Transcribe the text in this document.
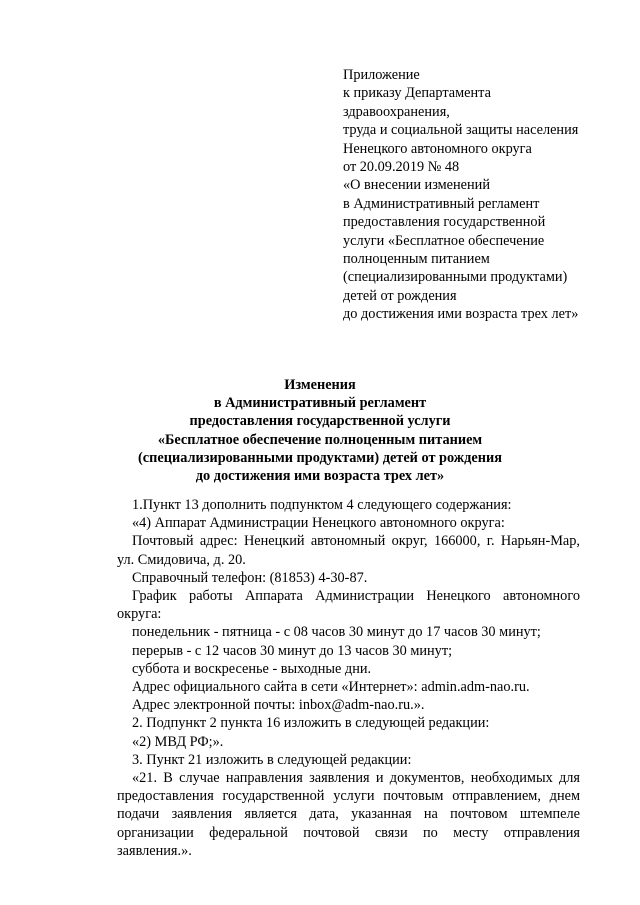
Приложение
к приказу Департамента
здравоохранения,
труда и социальной защиты населения
Ненецкого автономного округа
от 20.09.2019 № 48
«О внесении изменений
в Административный регламент
предоставления государственной
услуги «Бесплатное обеспечение
полноценным питанием
(специализированными продуктами)
детей от рождения
до достижения ими возраста трех лет»
Изменения
в Административный регламент
предоставления государственной услуги
«Бесплатное обеспечение полноценным питанием
(специализированными продуктами) детей от рождения
до достижения ими возраста трех лет»

1.Пункт 13 дополнить подпунктом 4 следующего содержания:

«4) Аппарат Администрации Ненецкого автономного округа:

Почтовый адрес: Ненецкий автономный округ, 166000, г. Нарьян-Мар, ул. Смидовича, д. 20.

Справочный телефон: (81853) 4-30-87.

График работы Аппарата Администрации Ненецкого автономного округа:

понедельник - пятница - с 08 часов 30 минут до 17 часов 30 минут;

перерыв - с 12 часов 30 минут до 13 часов 30 минут;

суббота и воскресенье - выходные дни.

Адрес официального сайта в сети «Интернет»: admin.adm-nao.ru.

Адрес электронной почты: inbox@adm-nao.ru.».

2. Подпункт 2 пункта 16 изложить в следующей редакции:

«2) МВД РФ;».

3. Пункт 21 изложить в следующей редакции:

«21. В случае направления заявления и документов, необходимых для предоставления государственной услуги почтовым отправлением, днем подачи заявления является дата, указанная на почтовом штемпеле организации федеральной почтовой связи по месту отправления заявления.».
